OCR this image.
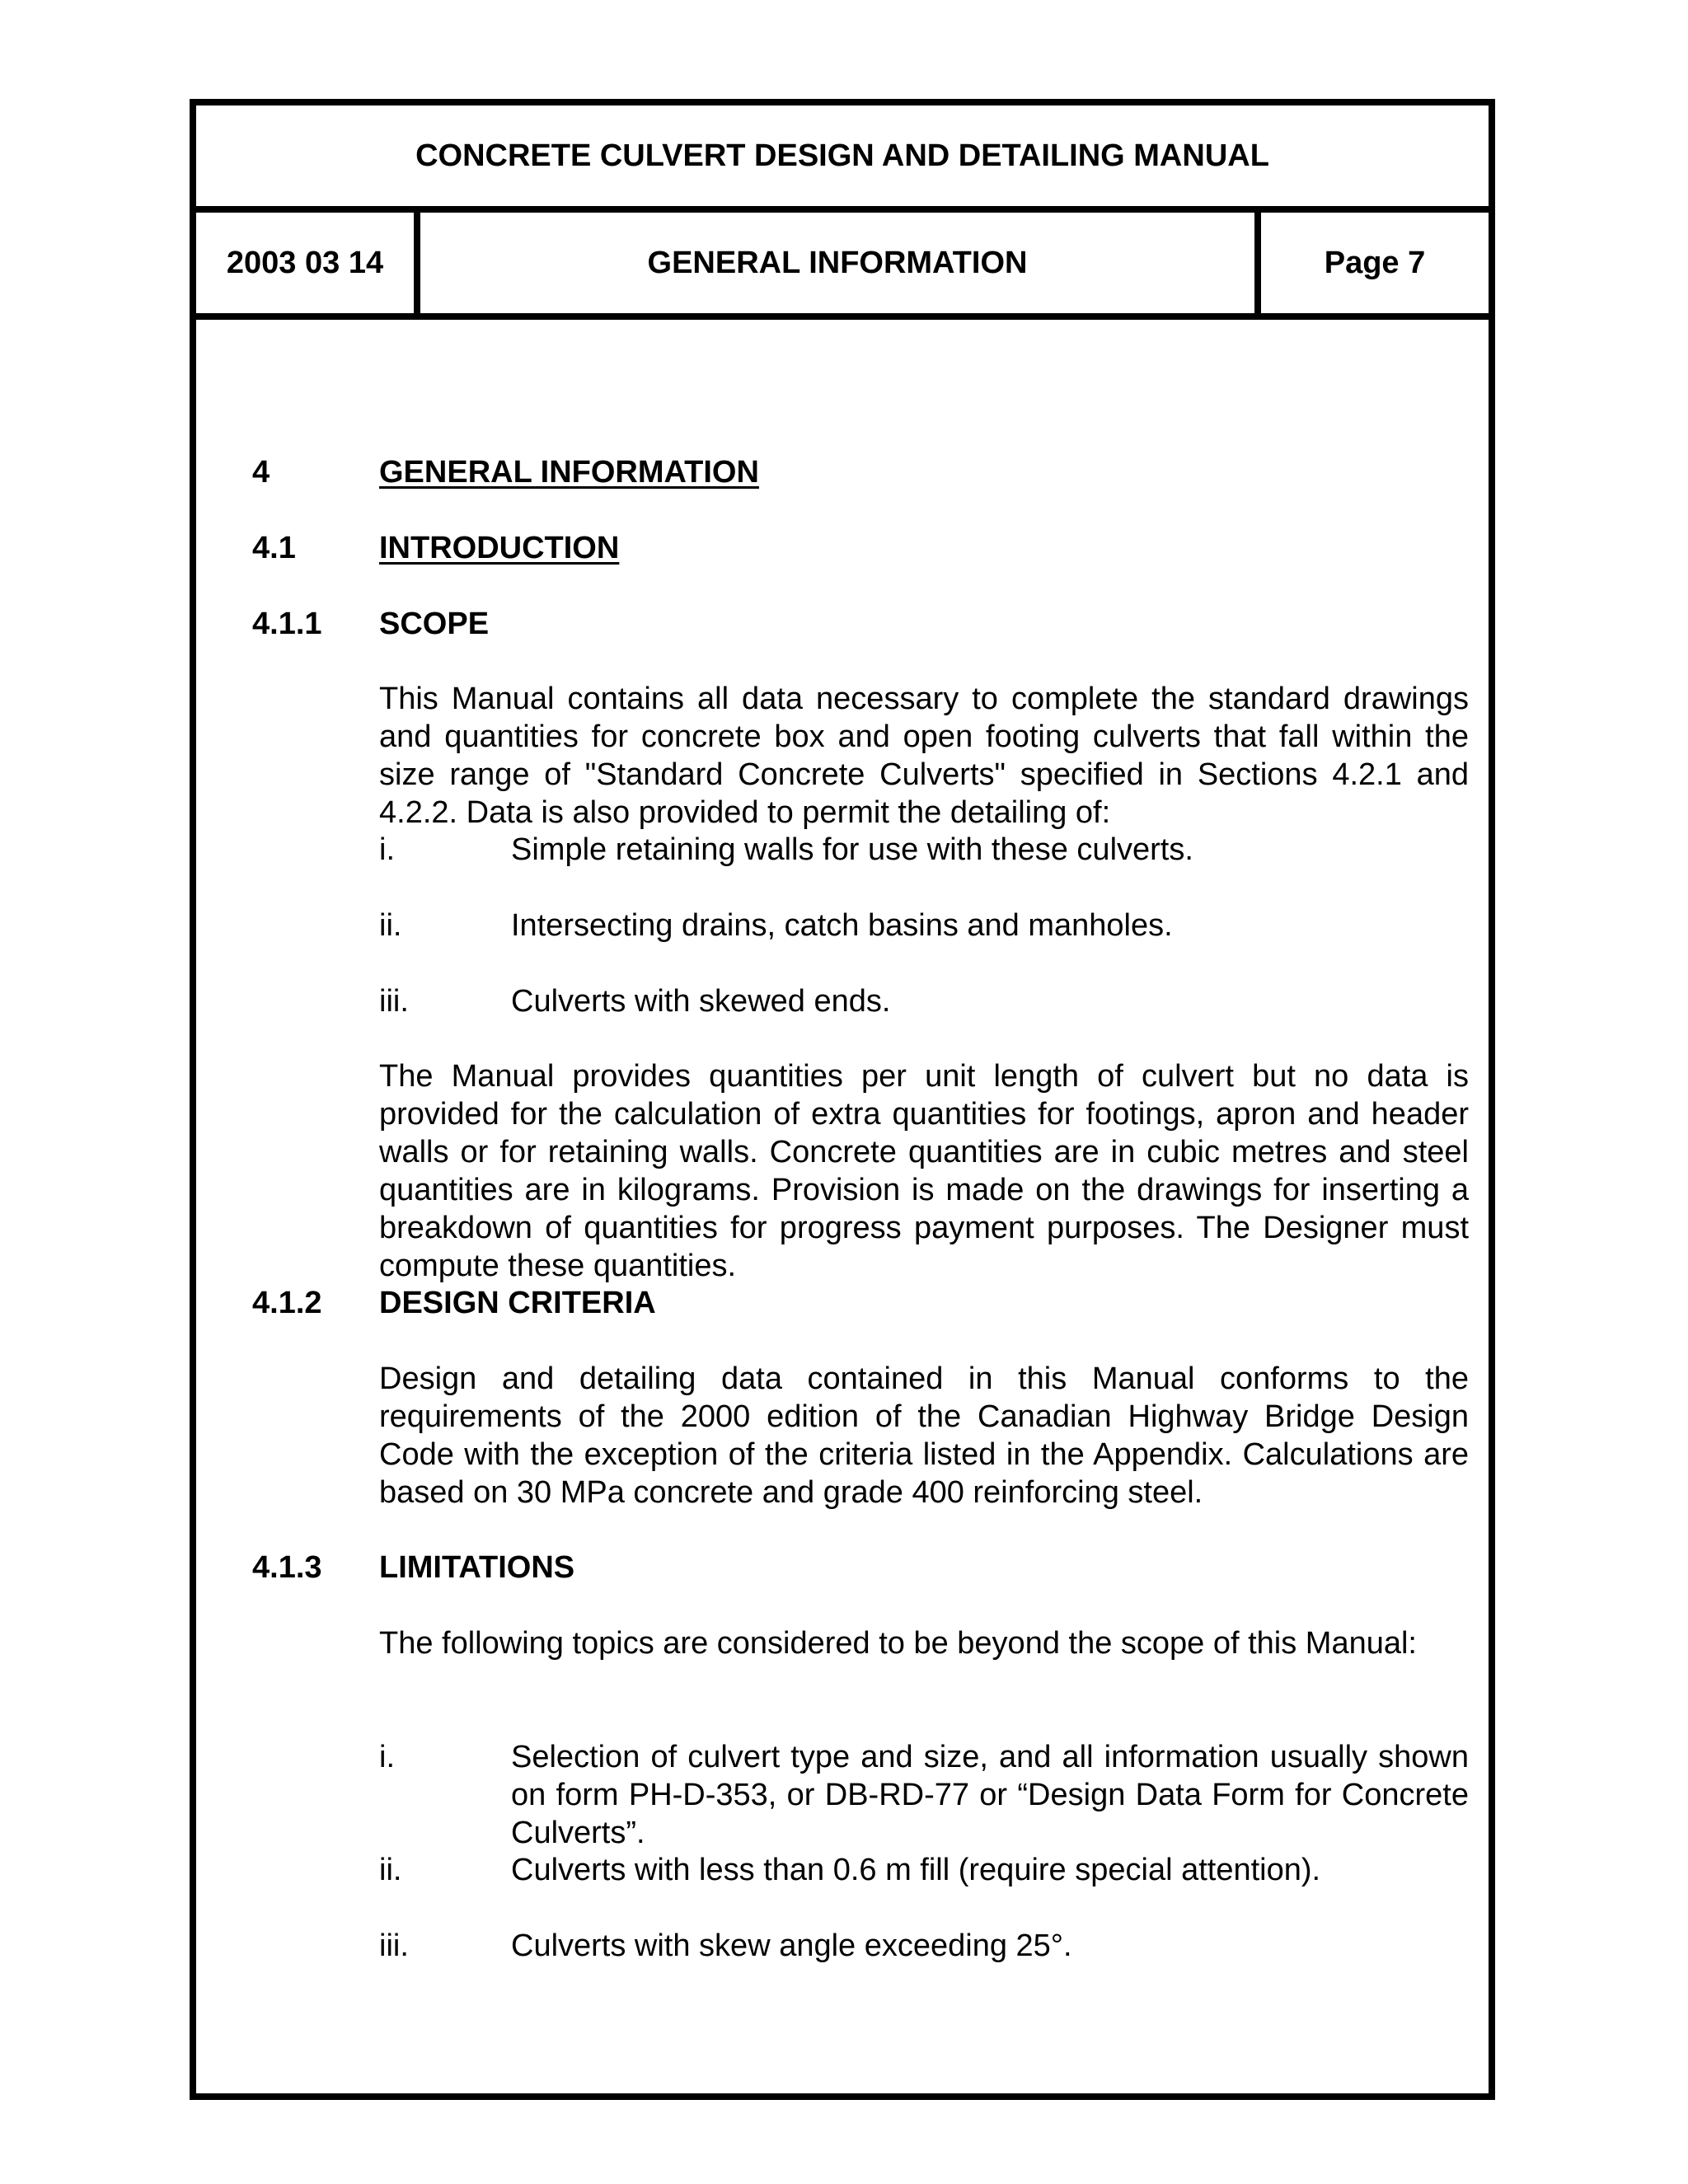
CONCRETE CULVERT DESIGN AND DETAILING MANUAL
2003 03 14	GENERAL INFORMATION	Page 7
4	GENERAL INFORMATION
4.1	INTRODUCTION
4.1.1 SCOPE
This Manual contains all data necessary to complete the standard drawings and quantities for concrete box and open footing culverts that fall within the size range of "Standard Concrete Culverts" specified in Sections 4.2.1 and 4.2.2. Data is also provided to permit the detailing of:
i.	Simple retaining walls for use with these culverts.
ii.	Intersecting drains, catch basins and manholes.
iii.	Culverts with skewed ends.
The Manual provides quantities per unit length of culvert but no data is provided for the calculation of extra quantities for footings, apron and header walls or for retaining walls. Concrete quantities are in cubic metres and steel quantities are in kilograms. Provision is made on the drawings for inserting a breakdown of quantities for progress payment purposes. The Designer must compute these quantities.
4.1.2 DESIGN CRITERIA
Design and detailing data contained in this Manual conforms to the requirements of the 2000 edition of the Canadian Highway Bridge Design Code with the exception of the criteria listed in the Appendix. Calculations are based on 30 MPa concrete and grade 400 reinforcing steel.
4.1.3 LIMITATIONS
The following topics are considered to be beyond the scope of this Manual:
i.	Selection of culvert type and size, and all information usually shown on form PH-D-353, or DB-RD-77 or “Design Data Form for Concrete Culverts”.
ii.	Culverts with less than 0.6 m fill (require special attention).
iii.	Culverts with skew angle exceeding 25°.
